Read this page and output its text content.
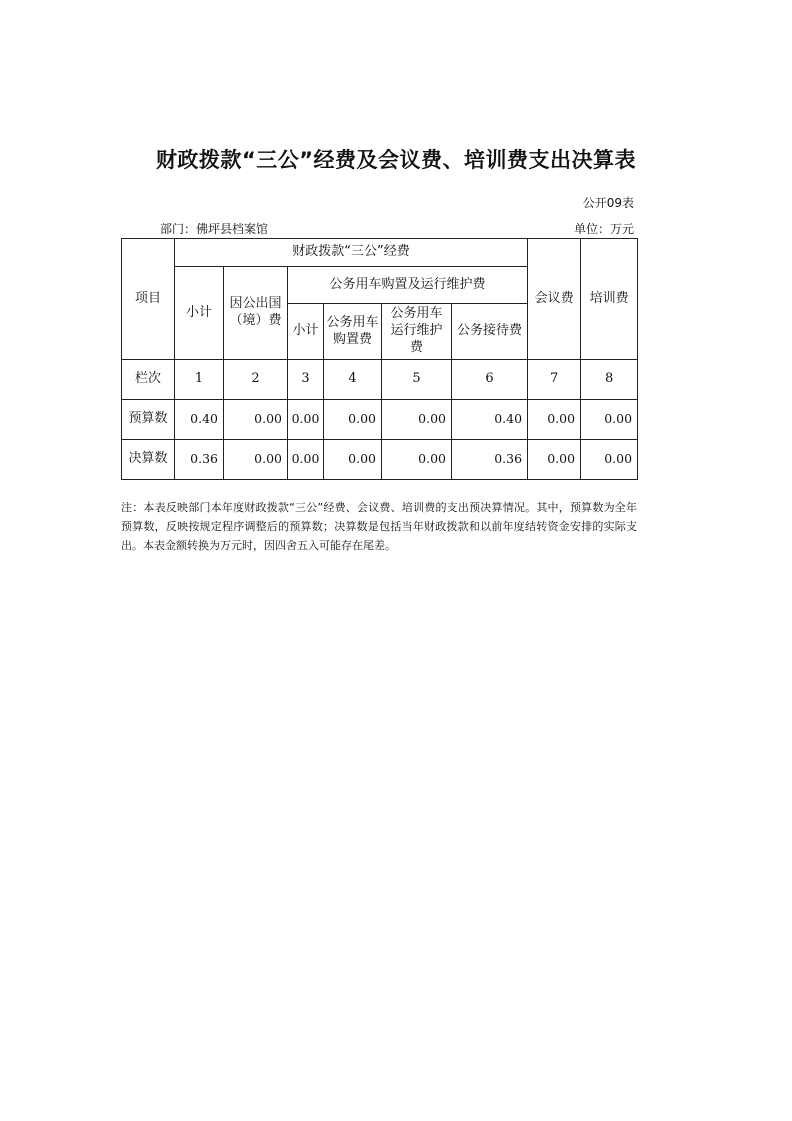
财政拨款“三公”经费及会议费、培训费支出决算表
公开09表
部门：佛坪县档案馆	单位：万元
项目	财政拨款“三公”经费						会议费	培训费
	小计	因公出国（境）费	公务用车购置及运行维护费					
			小计	公务用车购置费	公务用车运行维护费	公务接待费		
栏次	1	2	3	4	5	6	7	8
预算数	0.40	0.00	0.00	0.00	0.00	0.40	0.00	0.00
决算数	0.36	0.00	0.00	0.00	0.00	0.36	0.00	0.00
注：本表反映部门本年度财政拨款“三公”经费、会议费、培训费的支出预决算情况。其中，预算数为全年预算数，反映按规定程序调整后的预算数；决算数是包括当年财政拨款和以前年度结转资金安排的实际支出。本表金额转换为万元时，因四舍五入可能存在尾差。
